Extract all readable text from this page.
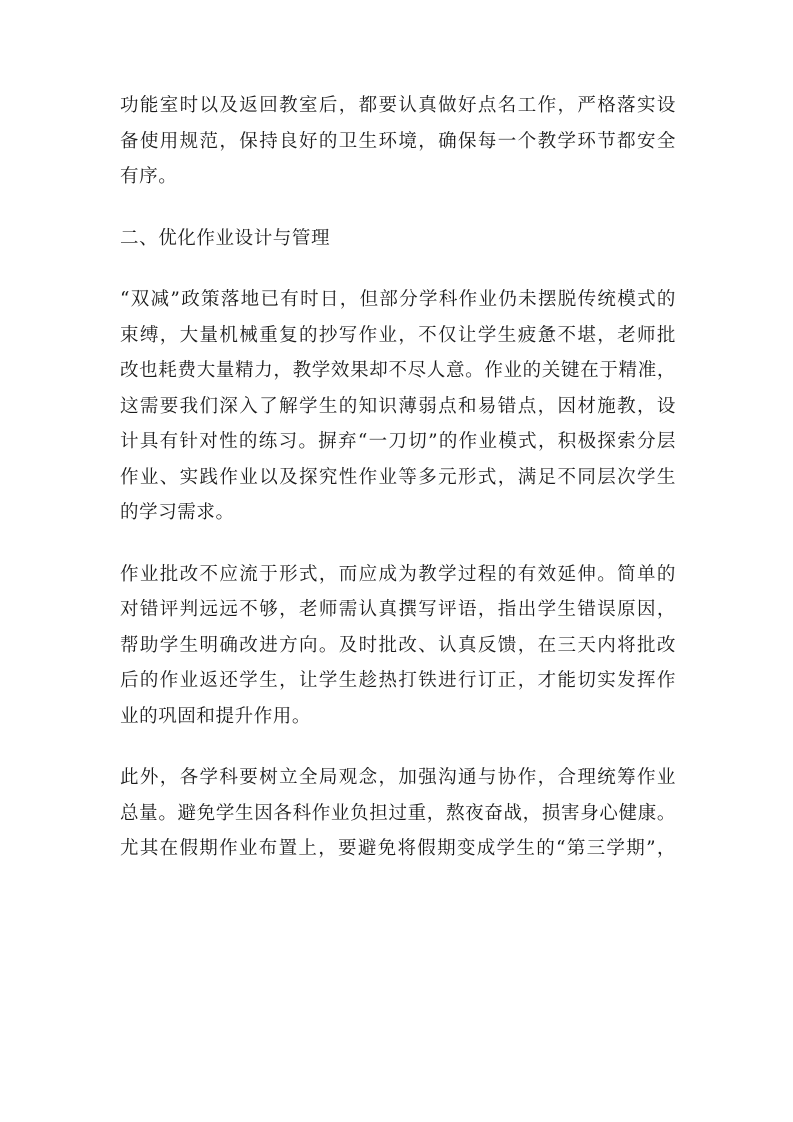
功能室时以及返回教室后，都要认真做好点名工作，严格落实设
备使用规范，保持良好的卫生环境，确保每一个教学环节都安全
有序。

二、优化作业设计与管理

“双减”政策落地已有时日，但部分学科作业仍未摆脱传统模式的
束缚，大量机械重复的抄写作业，不仅让学生疲惫不堪，老师批
改也耗费大量精力，教学效果却不尽人意。作业的关键在于精准，
这需要我们深入了解学生的知识薄弱点和易错点，因材施教，设
计具有针对性的练习。摒弃“一刀切”的作业模式，积极探索分层
作业、实践作业以及探究性作业等多元形式，满足不同层次学生
的学习需求。

作业批改不应流于形式，而应成为教学过程的有效延伸。简单的
对错评判远远不够，老师需认真撰写评语，指出学生错误原因，
帮助学生明确改进方向。及时批改、认真反馈，在三天内将批改
后的作业返还学生，让学生趁热打铁进行订正，才能切实发挥作
业的巩固和提升作用。

此外，各学科要树立全局观念，加强沟通与协作，合理统筹作业
总量。避免学生因各科作业负担过重，熬夜奋战，损害身心健康。
尤其在假期作业布置上，要避免将假期变成学生的“第三学期”，
